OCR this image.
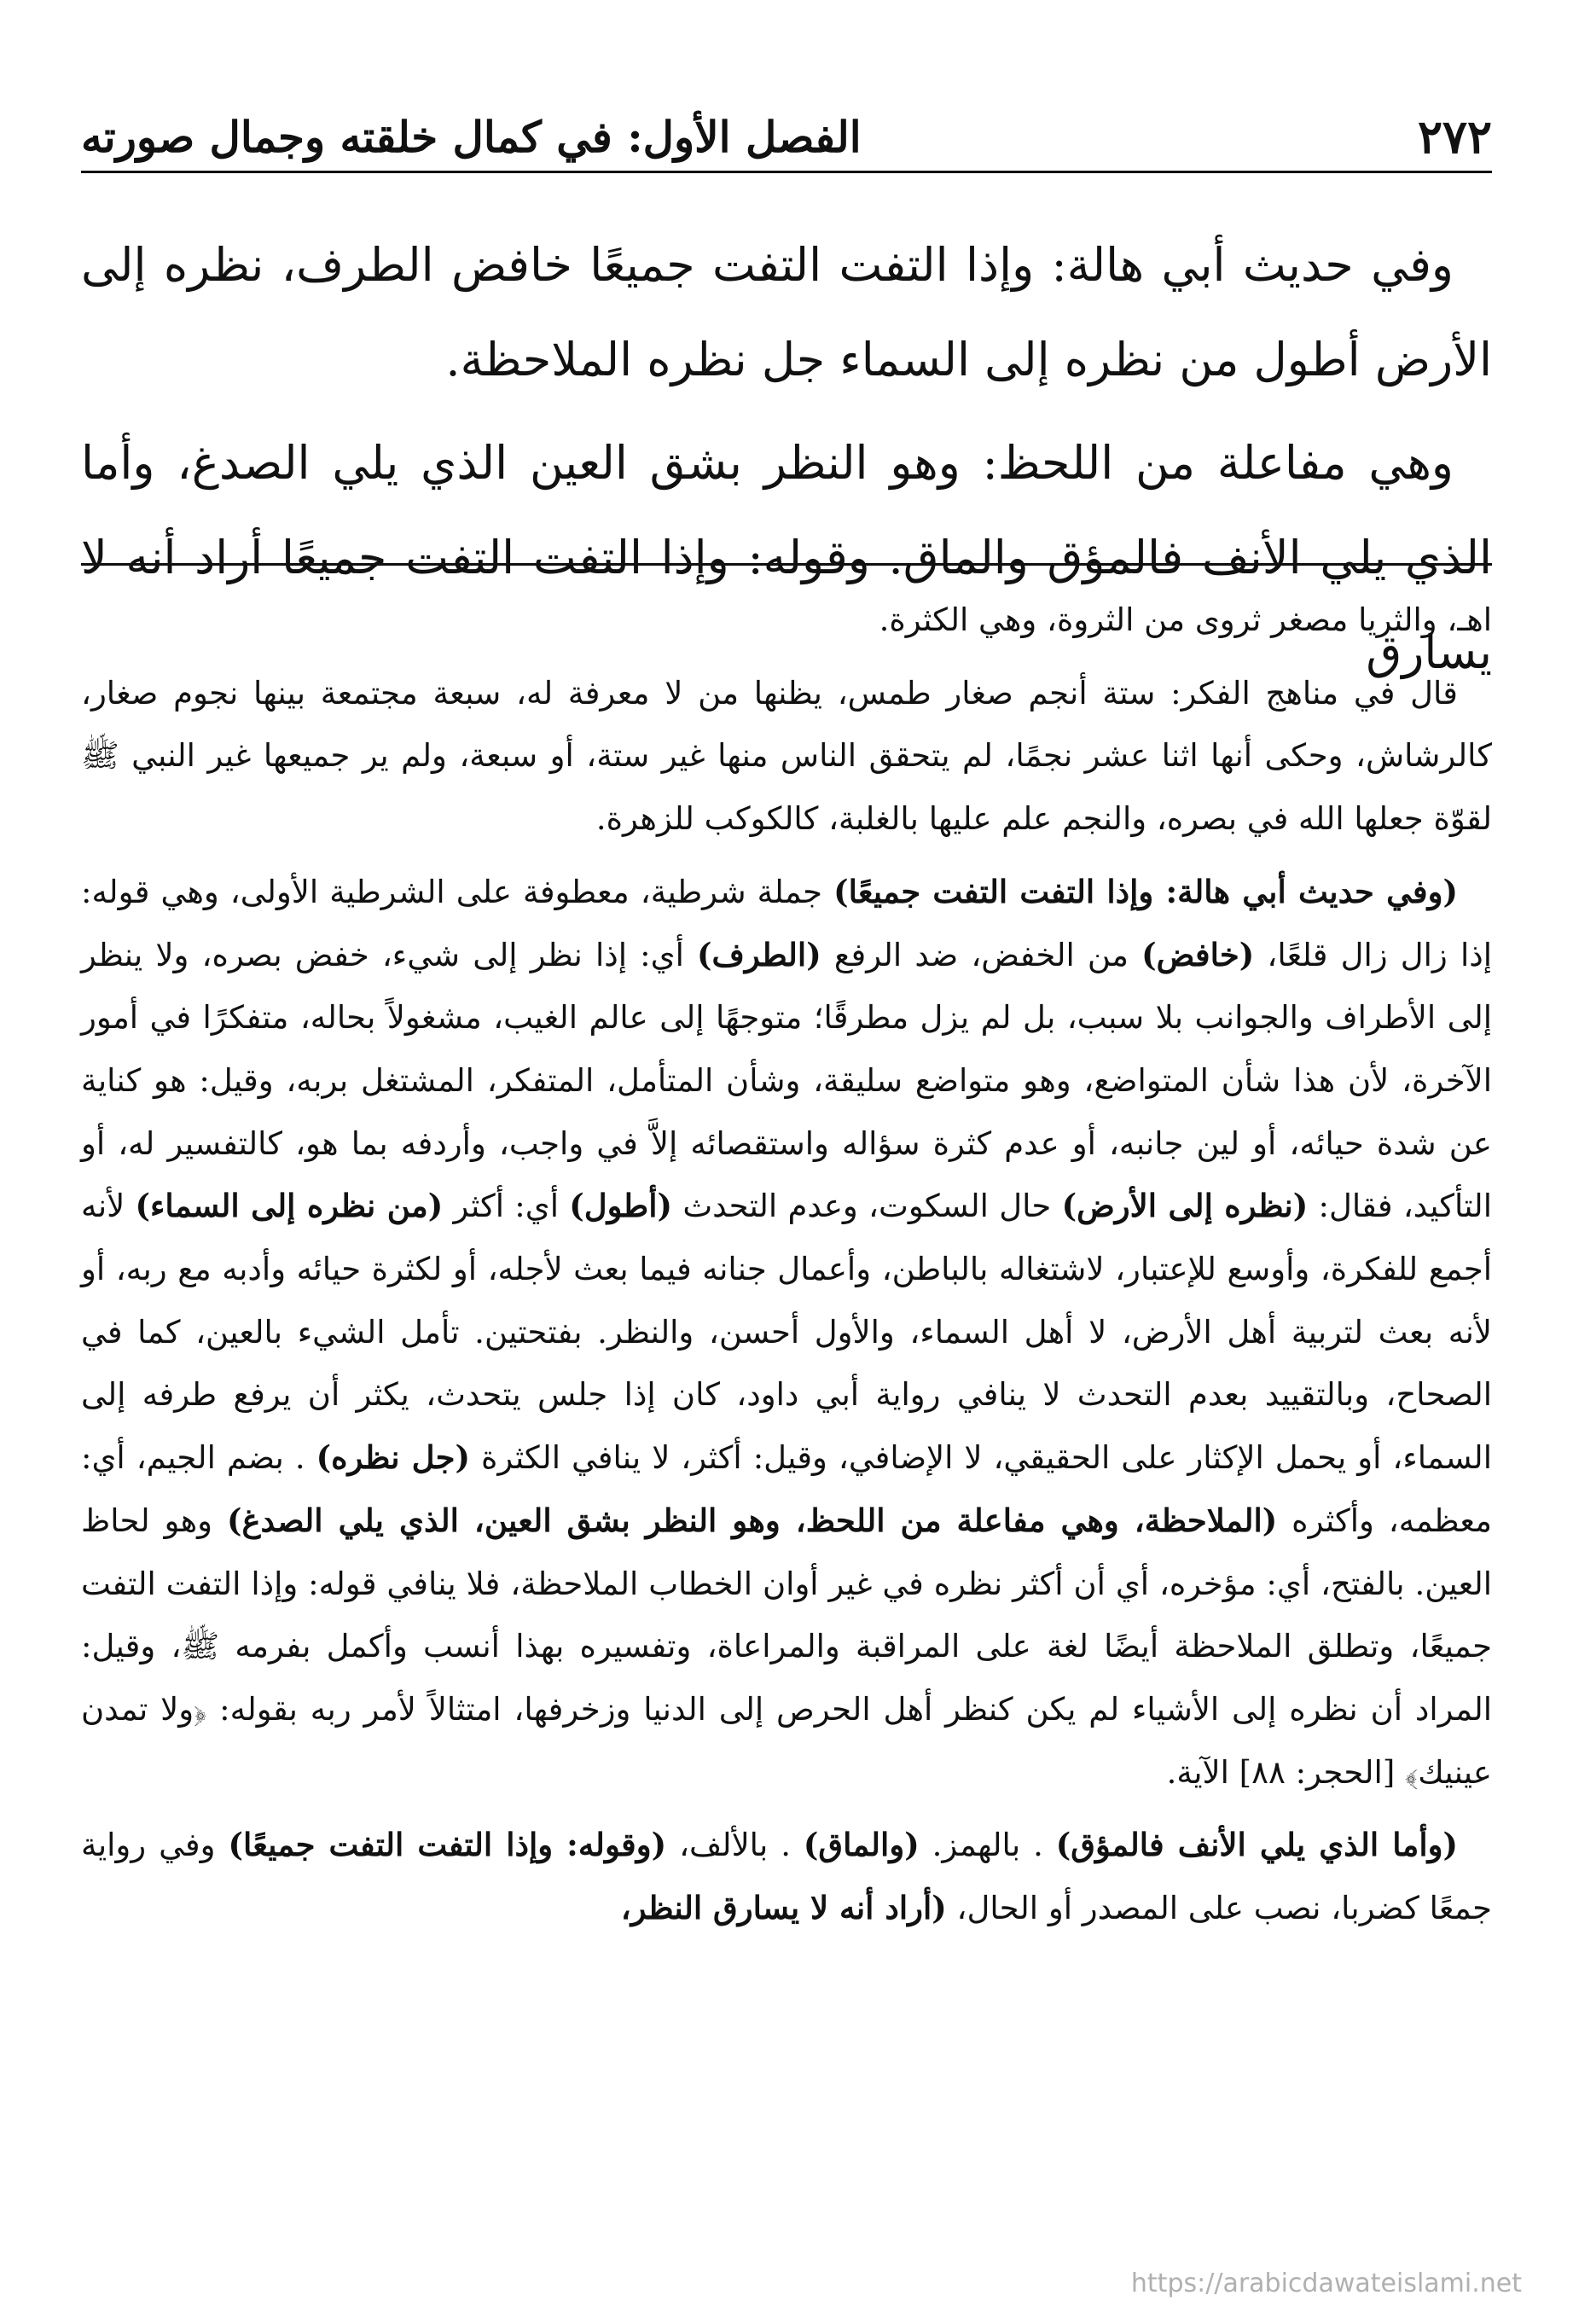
٢٧٢
الفصل الأول: في كمال خلقته وجمال صورته

وفي حديث أبي هالة: وإذا التفت التفت جميعًا خافض الطرف، نظره إلى الأرض أطول من نظره إلى السماء جل نظره الملاحظة.

وهي مفاعلة من اللحظ: وهو النظر بشق العين الذي يلي الصدغ، وأما الذي يلي الأنف فالمؤق والماق. وقوله: وإذا التفت التفت جميعًا أراد أنه لا يسارق

اهـ، والثريا مصغر ثروى من الثروة، وهي الكثرة.

قال في مناهج الفكر: ستة أنجم صغار طمس، يظنها من لا معرفة له، سبعة مجتمعة بينها نجوم صغار، كالرشاش، وحكى أنها اثنا عشر نجمًا، لم يتحقق الناس منها غير ستة، أو سبعة، ولم ير جميعها غير النبي ﷺ لقوّة جعلها الله في بصره، والنجم علم عليها بالغلبة، كالكوكب للزهرة.

(وفي حديث أبي هالة: وإذا التفت التفت جميعًا) جملة شرطية، معطوفة على الشرطية الأولى، وهي قوله: إذا زال زال قلعًا، (خافض) من الخفض، ضد الرفع (الطرف) أي: إذا نظر إلى شيء، خفض بصره، ولا ينظر إلى الأطراف والجوانب بلا سبب، بل لم يزل مطرقًا؛ متوجهًا إلى عالم الغيب، مشغولاً بحاله، متفكرًا في أمور الآخرة، لأن هذا شأن المتواضع، وهو متواضع سليقة، وشأن المتأمل، المتفكر، المشتغل بربه، وقيل: هو كناية عن شدة حيائه، أو لين جانبه، أو عدم كثرة سؤاله واستقصائه إلاَّ في واجب، وأردفه بما هو، كالتفسير له، أو التأكيد، فقال: (نظره إلى الأرض) حال السكوت، وعدم التحدث (أطول) أي: أكثر (من نظره إلى السماء) لأنه أجمع للفكرة، وأوسع للإعتبار، لاشتغاله بالباطن، وأعمال جنانه فيما بعث لأجله، أو لكثرة حيائه وأدبه مع ربه، أو لأنه بعث لتربية أهل الأرض، لا أهل السماء، والأول أحسن، والنظر. بفتحتين. تأمل الشيء بالعين، كما في الصحاح، وبالتقييد بعدم التحدث لا ينافي رواية أبي داود، كان إذا جلس يتحدث، يكثر أن يرفع طرفه إلى السماء، أو يحمل الإكثار على الحقيقي، لا الإضافي، وقيل: أكثر، لا ينافي الكثرة (جل نظره) . بضم الجيم، أي: معظمه، وأكثره (الملاحظة، وهي مفاعلة من اللحظ، وهو النظر بشق العين، الذي يلي الصدغ) وهو لحاظ العين. بالفتح، أي: مؤخره، أي أن أكثر نظره في غير أوان الخطاب الملاحظة، فلا ينافي قوله: وإذا التفت التفت جميعًا، وتطلق الملاحظة أيضًا لغة على المراقبة والمراعاة، وتفسيره بهذا أنسب وأكمل بفرمه ﷺ، وقيل: المراد أن نظره إلى الأشياء لم يكن كنظر أهل الحرص إلى الدنيا وزخرفها، امتثالاً لأمر ربه بقوله: ﴿ولا تمدن عينيك﴾ [الحجر: ٨٨] الآية.

(وأما الذي يلي الأنف فالمؤق) . بالهمز. (والماق) . بالألف، (وقوله: وإذا التفت التفت جميعًا) وفي رواية جمعًا كضربا، نصب على المصدر أو الحال، (أراد أنه لا يسارق النظر،

https://arabicdawateislami.net
